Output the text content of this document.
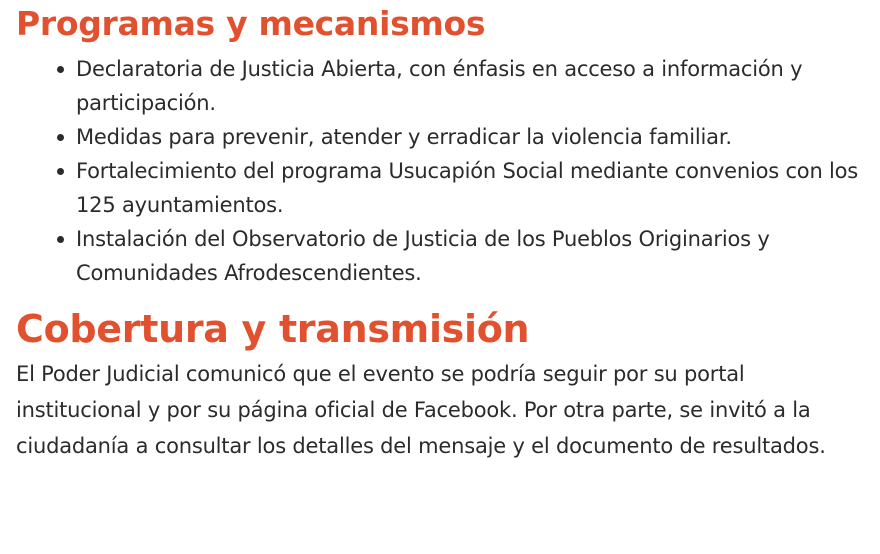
Programas y mecanismos
Declaratoria de Justicia Abierta, con énfasis en acceso a información y participación.
Medidas para prevenir, atender y erradicar la violencia familiar.
Fortalecimiento del programa Usucapión Social mediante convenios con los 125 ayuntamientos.
Instalación del Observatorio de Justicia de los Pueblos Originarios y Comunidades Afrodescendientes.
Cobertura y transmisión

El Poder Judicial comunicó que el evento se podría seguir por su portal institucional y por su página oficial de Facebook. Por otra parte, se invitó a la ciudadanía a consultar los detalles del mensaje y el documento de resultados.
